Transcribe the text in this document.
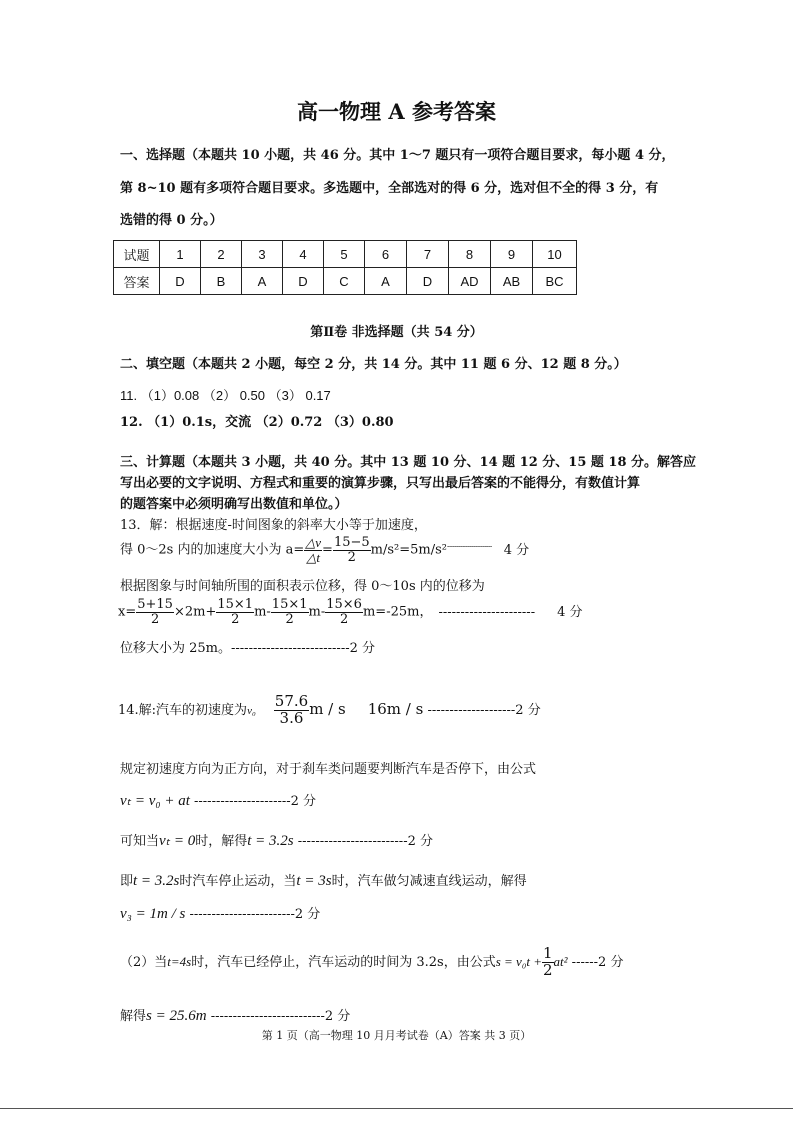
高一物理 A 参考答案
一、选择题（本题共 10 小题，共 46 分。其中 1～7 题只有一项符合题目要求，每小题 4 分，
第 8~10 题有多项符合题目要求。多选题中，全部选对的得 6 分，选对但不全的得 3 分，有
选错的得 0 分。）
试题	1	2	3	4	5	6	7	8	9	10
答案	D	B	A	D	C	A	D	AD	AB	BC
第Ⅱ卷 非选择题（共 54 分）
二、填空题（本题共 2 小题，每空 2 分，共 14 分。其中 11 题 6 分、12 题 8 分。）
11. （1）0.08 （2） 0.50 （3） 0.17
12. （1）0.1s，交流 （2）0.72 （3）0.80
三、计算题（本题共 3 小题，共 40 分。其中 13 题 10 分、14 题 12 分、15 题 18 分。解答应
写出必要的文字说明、方程式和重要的演算步骤，只写出最后答案的不能得分，有数值计算
的题答案中必须明确写出数值和单位。）
13．解：根据速度-时间图象的斜率大小等于加速度，
得 0～2s 内的加速度大小为 $a= \frac{\triangle v}{\triangle t} = \frac{15-5}{2} m/s^2=5m/s^2^{------------------------}$ 4 分
根据图象与时间轴所围的面积表示位移，得 0～10s 内的位移为
$x= \frac{5+15}{2} \times 2m+ \frac{15\times 1}{2} m- \frac{15\times 1}{2} m- \frac{15\times 6}{2} m=-25m$， ---------------------- 4 分
位移大小为 25m。---------------------------2 分
14.解:汽车的初速度为$v_0 \frac{57.6}{3.6}$ m / s 16m / s --------------------2 分
规定初速度方向为正方向，对于刹车类问题要判断汽车是否停下，由公式
vₜ = v₀ + at ----------------------2 分
可知当vₜ = 0时，解得t = 3.2s -------------------------2 分
即t = 3.2s时汽车停止运动，当t = 3s时，汽车做匀减速直线运动，解得
v₃ = 1m / s ------------------------2 分
（2）当t=4s时，汽车已经停止，汽车运动的时间为 3.2s，由公式$s = v_0t + \frac{1}{2} at^2$ ------2 分
解得s = 25.6m --------------------------2 分
第 1 页（高一物理 10 月月考试卷（A）答案 共 3 页）
